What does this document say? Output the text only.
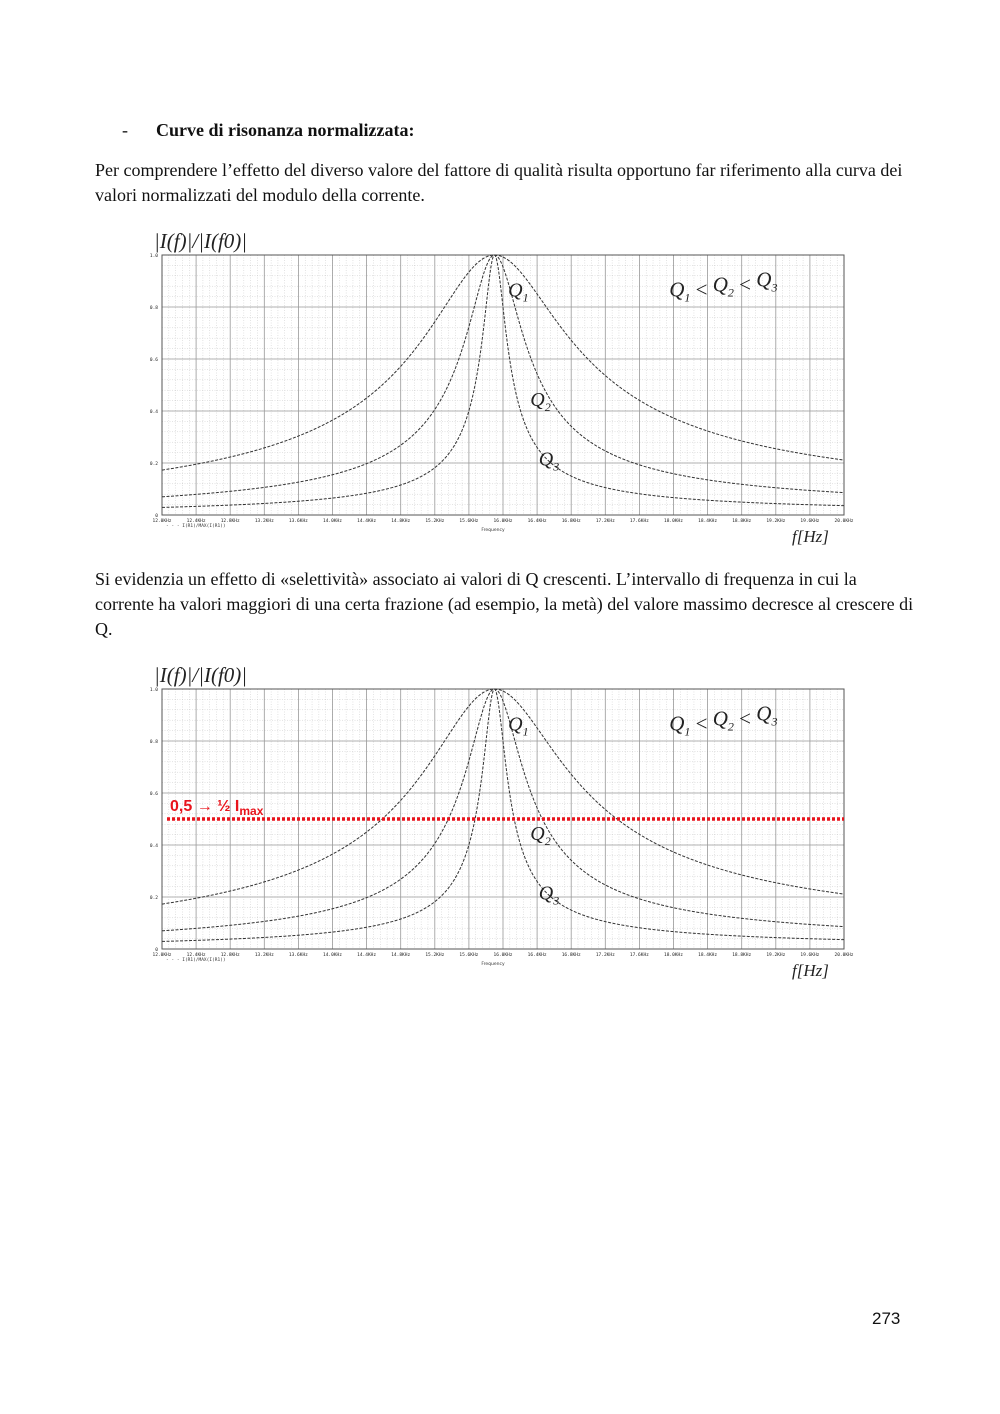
- Curve di risonanza normalizzata:

Per comprendere l’effetto del diverso valore del fattore di qualità risulta opportuno far riferimento alla curva dei valori normalizzati del modulo della corrente.

|I(f)|/|I(f0)|
0
0.2
0.4
0.6
0.8
1.0
12.0KHz	12.4KHz	12.8KHz	13.2KHz	13.6KHz	14.0KHz	14.4KHz	14.8KHz	15.2KHz	15.6KHz	16.0KHz	16.4KHz	16.8KHz	17.2KHz	17.6KHz	18.0KHz	18.4KHz	18.8KHz	19.2KHz	19.6KHz	20.0KHz
Frequency
- - - I(R1)/MAX(I(R1))
f[Hz]
$Q_1$
$Q_2$
$Q_3$
$Q_1 < Q_2 < Q_3$

Si evidenzia un effetto di «selettività» associato ai valori di Q crescenti. L’intervallo di frequenza in cui la corrente ha valori maggiori di una certa frazione (ad esempio, la metà) del valore massimo decresce al crescere di Q.

|I(f)|/|I(f0)|
0
0.2
0.4
0.6
0.8
1.0
12.0KHz	12.4KHz	12.8KHz	13.2KHz	13.6KHz	14.0KHz	14.4KHz	14.8KHz	15.2KHz	15.6KHz	16.0KHz	16.4KHz	16.8KHz	17.2KHz	17.6KHz	18.0KHz	18.4KHz	18.8KHz	19.2KHz	19.6KHz	20.0KHz
Frequency
- - - I(R1)/MAX(I(R1))
f[Hz]
$Q_1$
$Q_2$
$Q_3$
$Q_1 < Q_2 < Q_3$
0,5 → ½ $I_{max}$
273
